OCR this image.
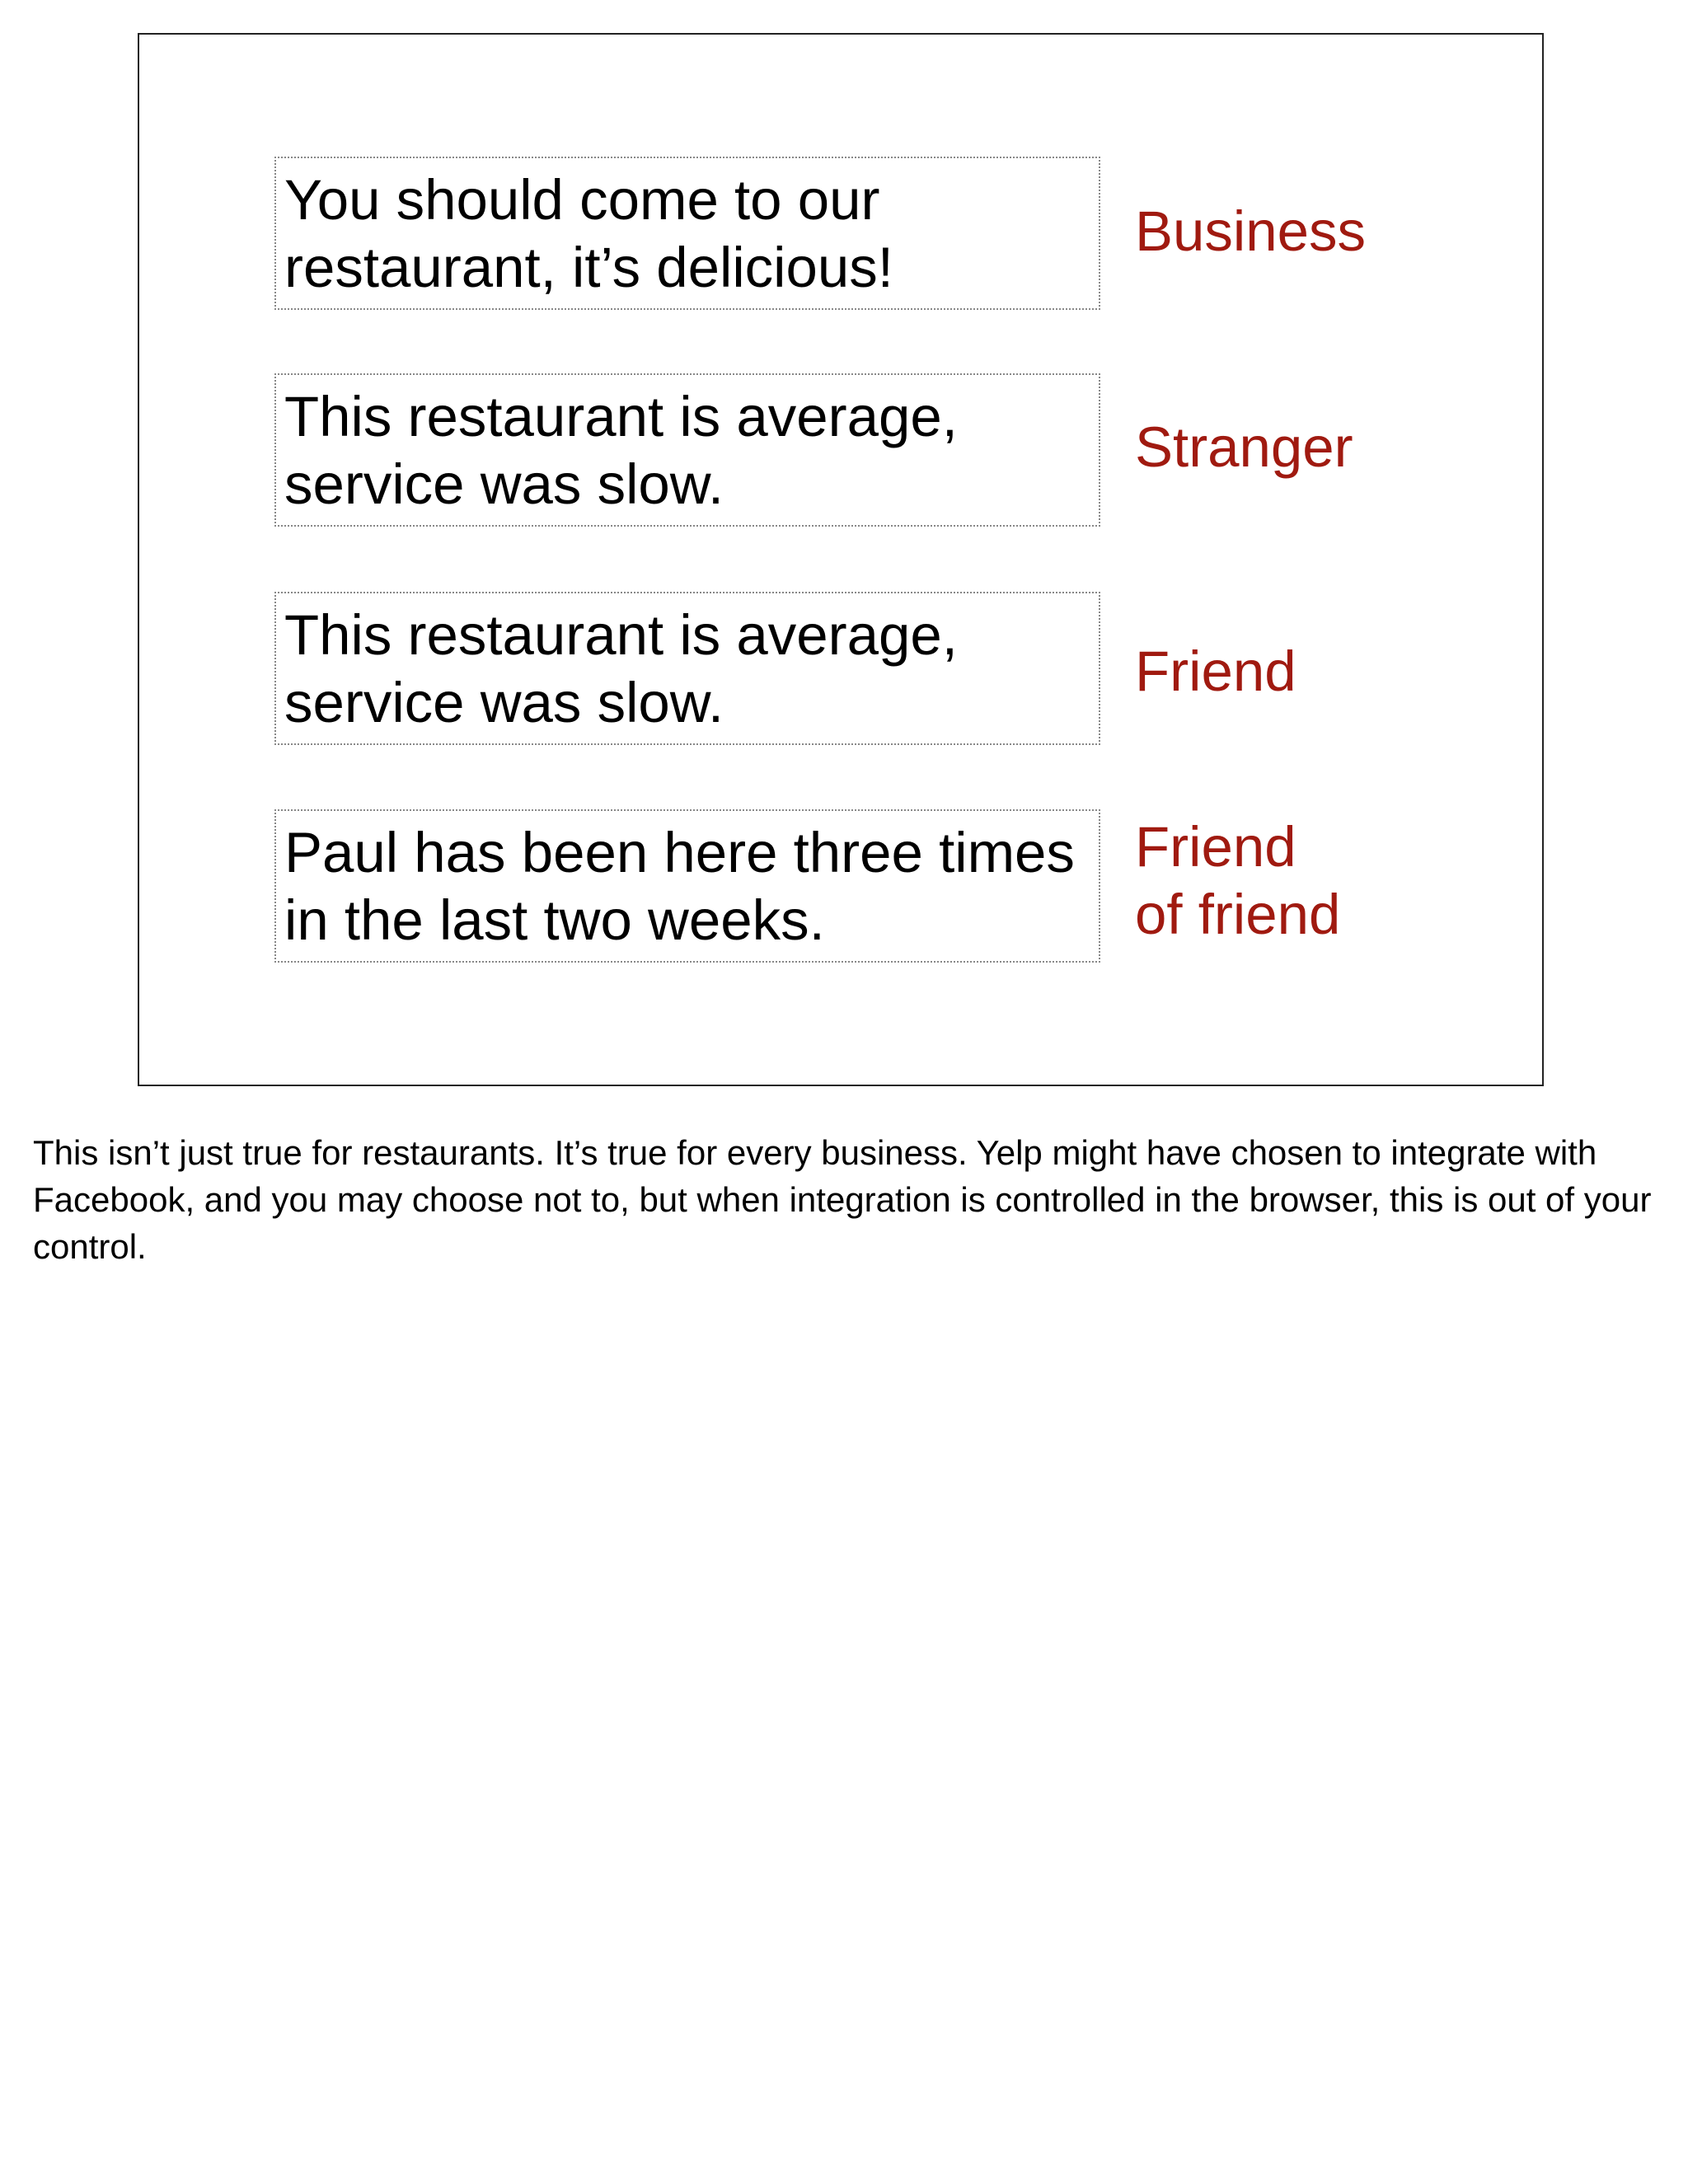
You should come to our
restaurant, it’s delicious!
Business
This restaurant is average,
service was slow.
Stranger
This restaurant is average,
service was slow.	Friend
Paul has been here three times
in the last two weeks.
Friend
of friend
This isn’t just true for restaurants. It’s true for every business. Yelp might have chosen to integrate with Facebook, and you may choose not to, but when integration is controlled in the browser, this is out of your control.
